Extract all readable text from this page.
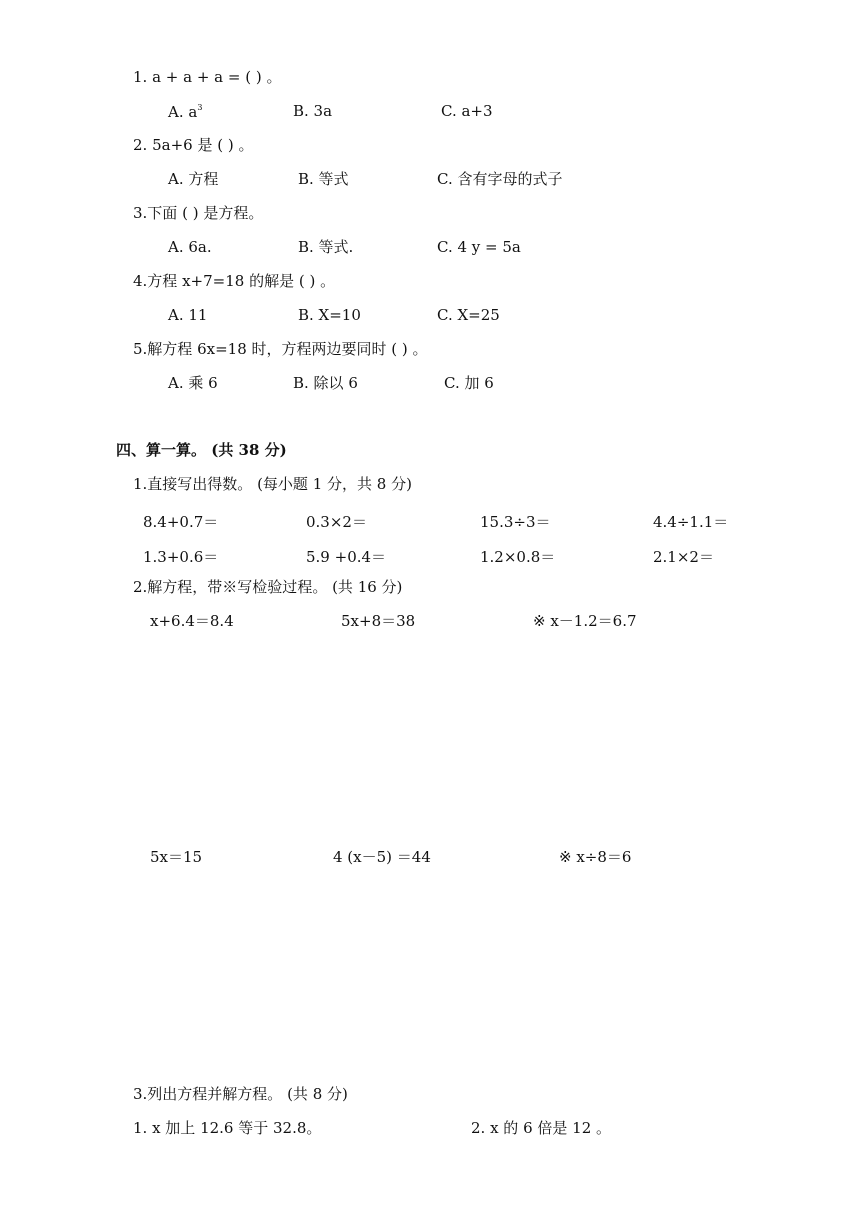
1. a + a + a = ( ) 。
A. $a^3$	B. 3a	C. a+3
2. 5a+6 是 ( ) 。
A. 方程	B. 等式	C. 含有字母的式子
3.下面 ( ) 是方程。
A. 6a.	B. 等式.	C. 4 y = 5a
4.方程 x+7=18 的解是 ( ) 。
A. 11	B. X=10	C. X=25
5.解方程 6x=18 时，方程两边要同时 ( ) 。
A. 乘 6	B. 除以 6	C. 加 6
四、算一算。 (共 38 分)
1.直接写出得数。 (每小题 1 分，共 8 分)
8.4+0.7＝	0.3×2＝	15.3÷3＝	4.4÷1.1＝
1.3+0.6＝	5.9 +0.4＝	1.2×0.8＝	2.1×2＝
2.解方程，带※写检验过程。 (共 16 分)
x+6.4＝8.4	5x+8＝38	※ x－1.2＝6.7
5x＝15	4 (x－5) ＝44	※ x÷8＝6
3.列出方程并解方程。 (共 8 分)
1. x 加上 12.6 等于 32.8。	2. x 的 6 倍是 12 。
